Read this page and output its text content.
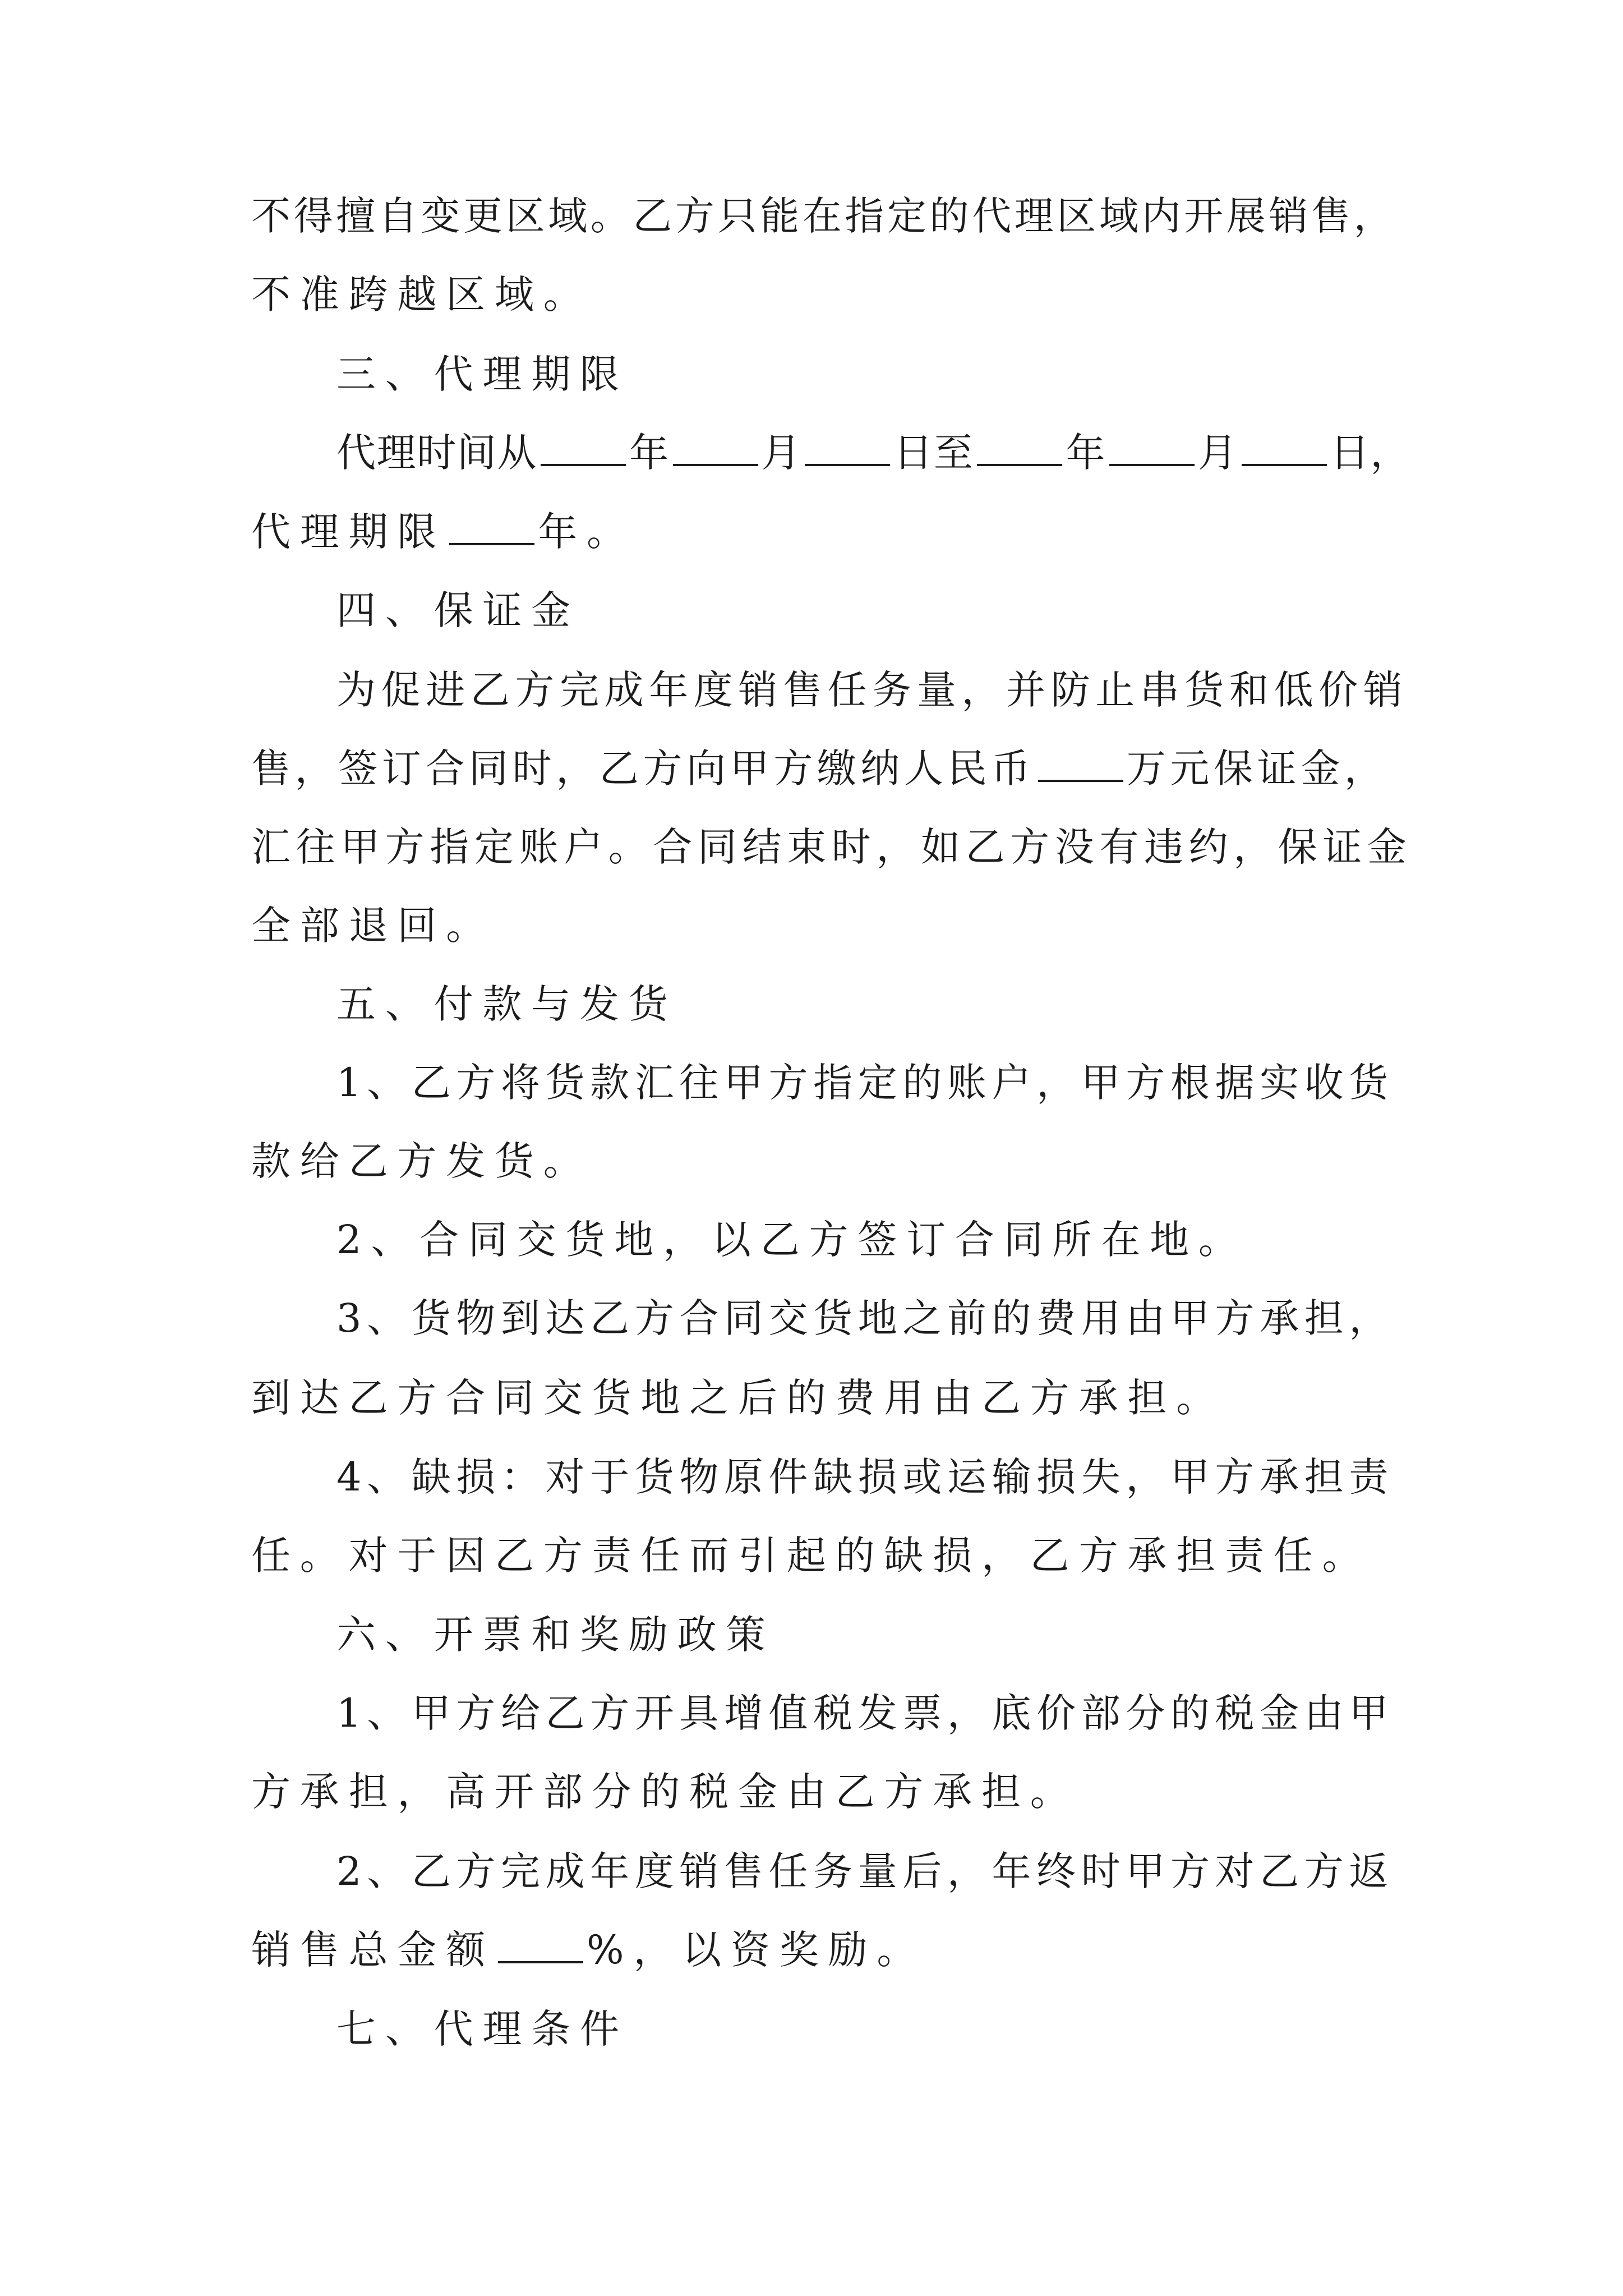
不得擅自变更区域。乙方只能在指定的代理区域内开展销售，
不准跨越区域。
三、代理期限
代理时间从 年 月 日至 年 月 日，
代理期限 年。
四、保证金
为促进乙方完成年度销售任务量，并防止串货和低价销
售，签订合同时，乙方向甲方缴纳人民币 万元保证金，
汇往甲方指定账户。合同结束时，如乙方没有违约，保证金
全部退回。
五、付款与发货
1、乙方将货款汇往甲方指定的账户，甲方根据实收货
款给乙方发货。
2、合同交货地，以乙方签订合同所在地。
3、货物到达乙方合同交货地之前的费用由甲方承担，
到达乙方合同交货地之后的费用由乙方承担。
4、缺损：对于货物原件缺损或运输损失，甲方承担责
任。对于因乙方责任而引起的缺损，乙方承担责任。
六、开票和奖励政策
1、甲方给乙方开具增值税发票，底价部分的税金由甲
方承担，高开部分的税金由乙方承担。
2、乙方完成年度销售任务量后，年终时甲方对乙方返
销售总金额 %，以资奖励。
七、代理条件
